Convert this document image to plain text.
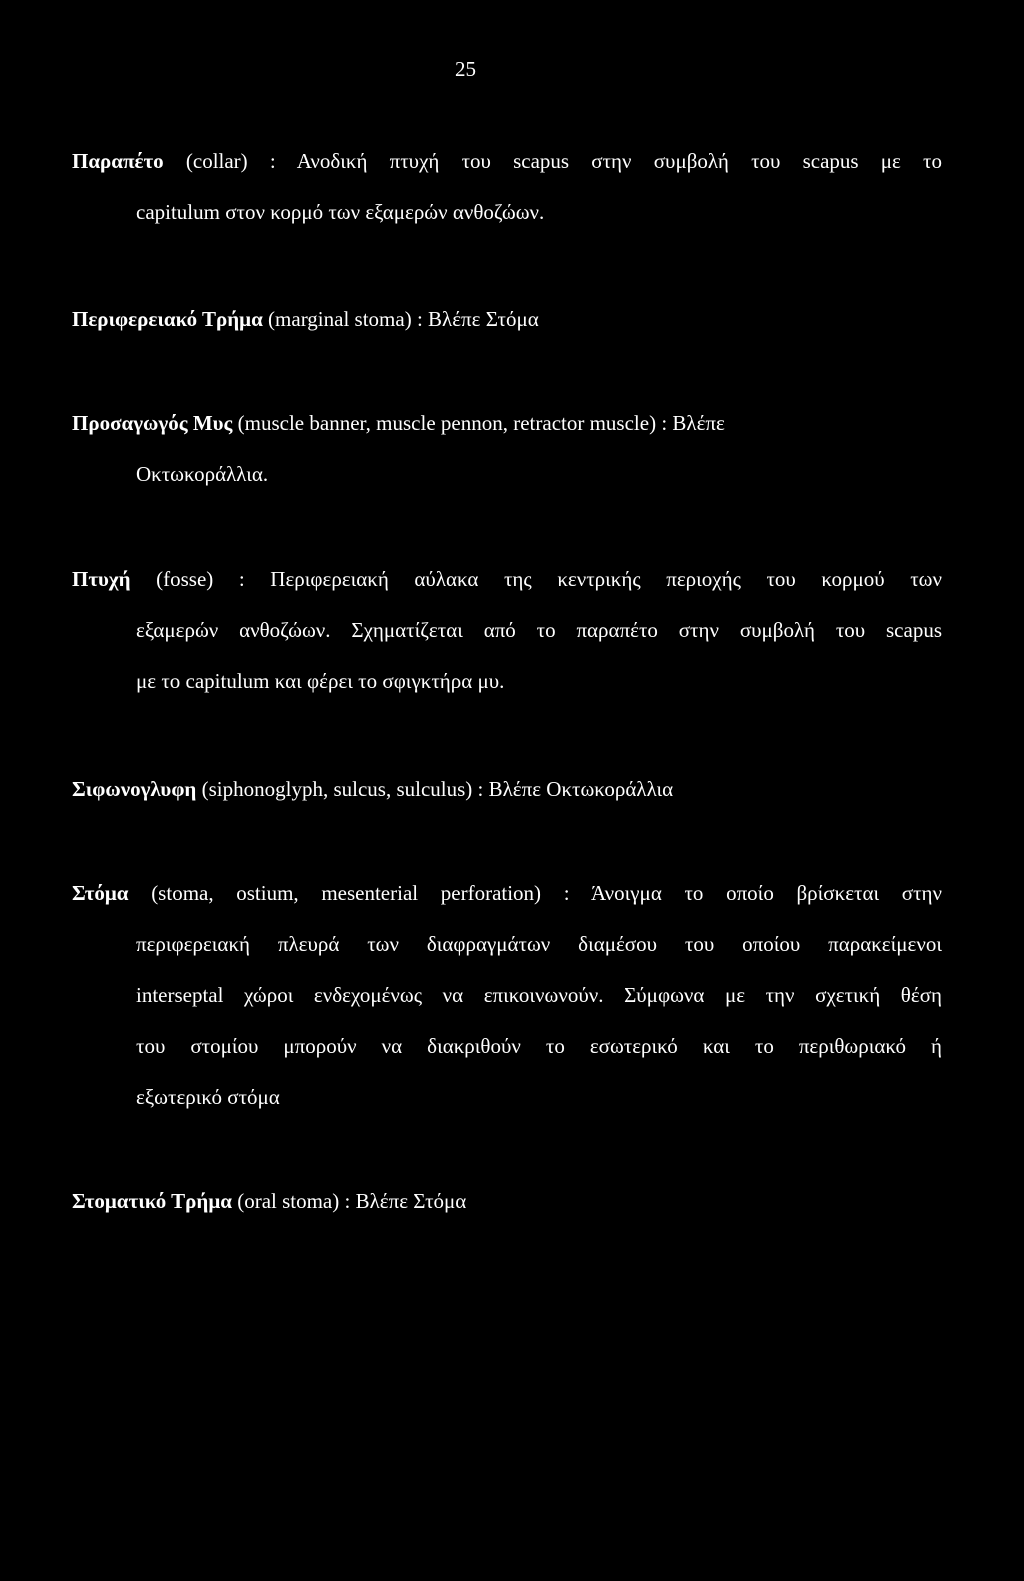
25
Παραπέτο (collar) : Ανοδική πτυχή του scapus στην συμβολή του scapus με το
capitulum στον κορμό των εξαμερών ανθοζώων.
Περιφερειακό Τρήμα (marginal stoma) : Βλέπε Στόμα
Προσαγωγός Μυς (muscle banner, muscle pennon, retractor muscle) : Βλέπε
Οκτωκοράλλια.
Πτυχή (fosse) : Περιφερειακή αύλακα της κεντρικής περιοχής του κορμού των
εξαμερών ανθοζώων. Σχηματίζεται από το παραπέτο στην συμβολή του scapus
με το capitulum και φέρει το σφιγκτήρα μυ.
Σιφωνογλυφη (siphonoglyph, sulcus, sulculus) : Βλέπε Οκτωκοράλλια
Στόμα (stoma, ostium, mesenterial perforation) : Άνοιγμα το οποίο βρίσκεται στην
περιφερειακή πλευρά των διαφραγμάτων διαμέσου του οποίου παρακείμενοι
interseptal χώροι ενδεχομένως να επικοινωνούν. Σύμφωνα με την σχετική θέση
του στομίου μπορούν να διακριθούν το εσωτερικό και το περιθωριακό ή
εξωτερικό στόμα
Στοματικό Τρήμα (oral stoma) : Βλέπε Στόμα
